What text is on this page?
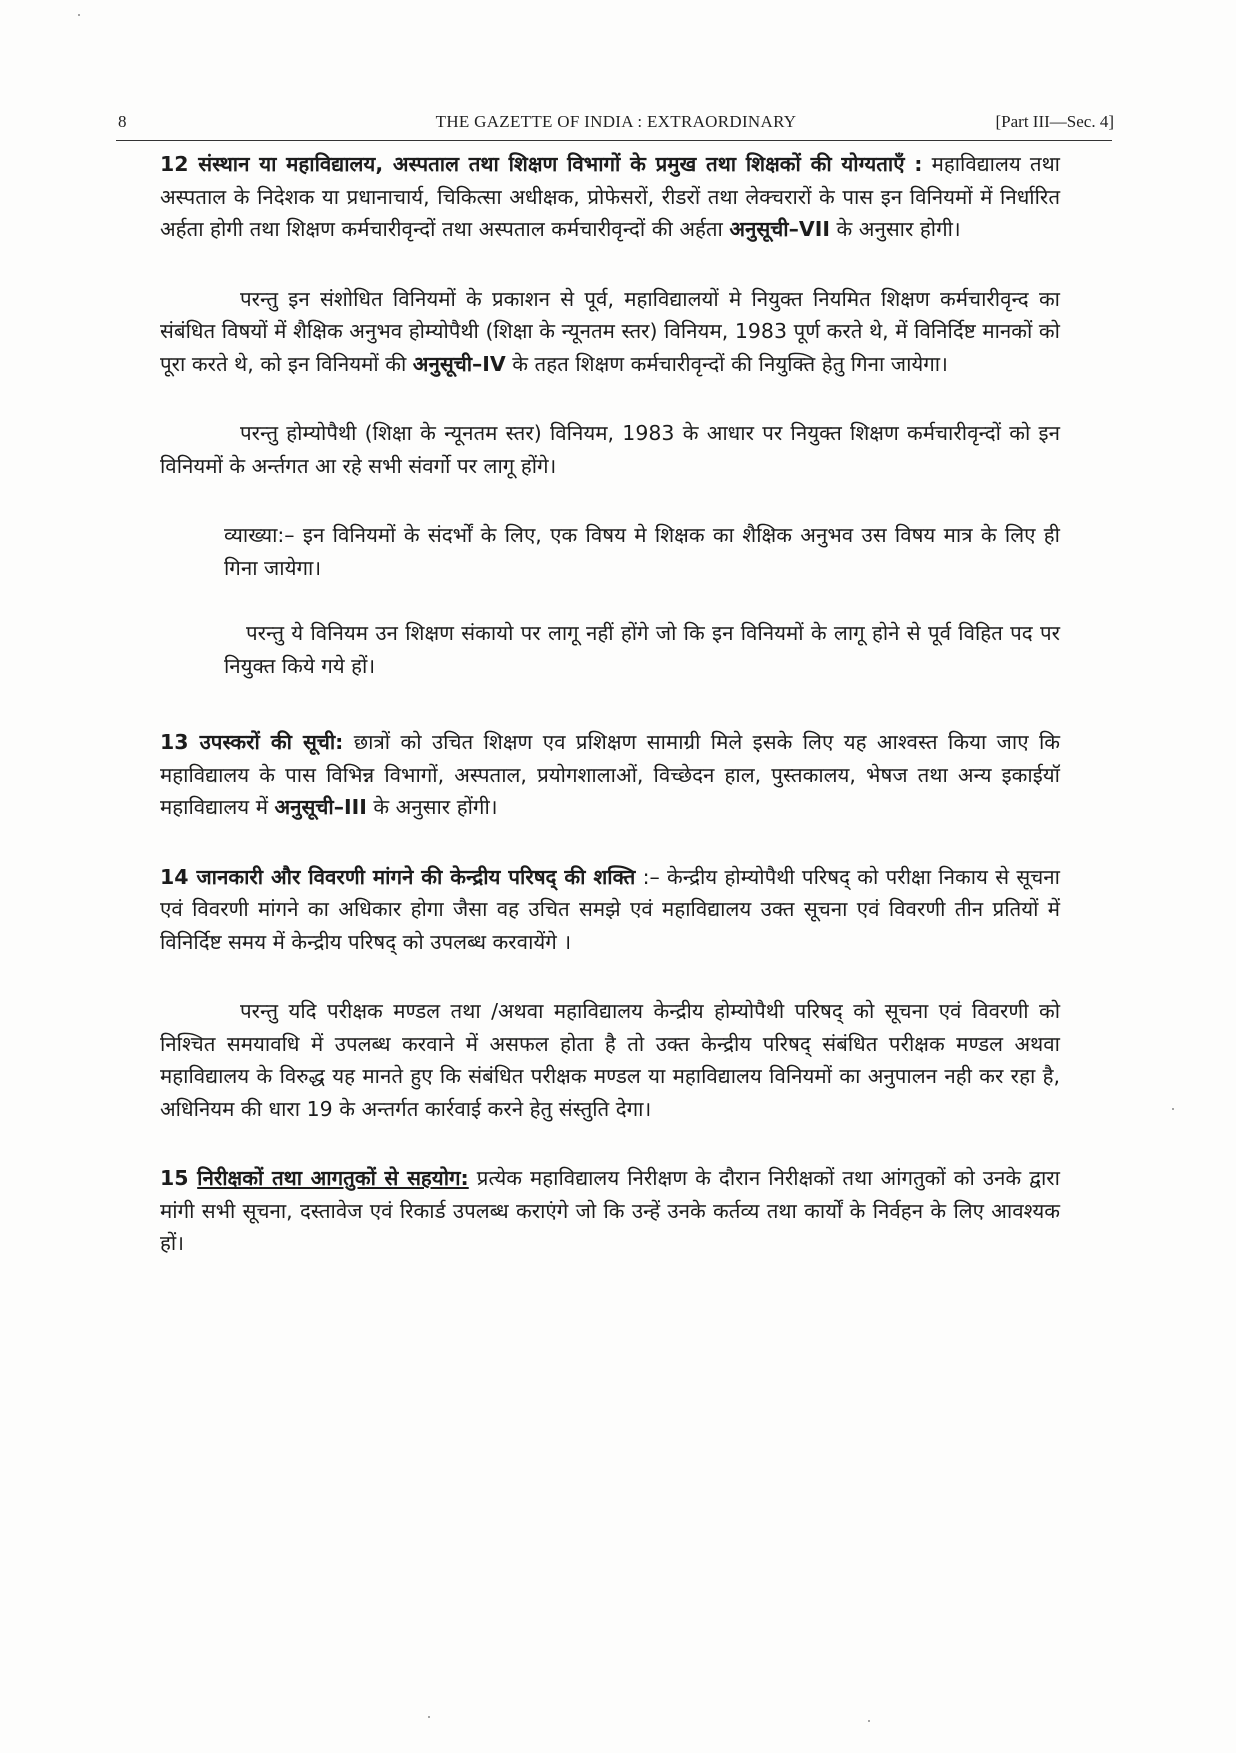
8	THE GAZETTE OF INDIA : EXTRAORDINARY	[Part III—Sec. 4]

12 संस्थान या महाविद्यालय, अस्पताल तथा शिक्षण विभागों के प्रमुख तथा शिक्षकों की योग्यताएँ : महाविद्यालय तथा अस्पताल के निदेशक या प्रधानाचार्य, चिकित्सा अधीक्षक, प्रोफेसरों, रीडरों तथा लेक्चरारों के पास इन विनियमों में निर्धारित अर्हता होगी तथा शिक्षण कर्मचारीवृन्दों तथा अस्पताल कर्मचारीवृन्दों की अर्हता अनुसूची–VII के अनुसार होगी।

परन्तु इन संशोधित विनियमों के प्रकाशन से पूर्व, महाविद्यालयों मे नियुक्त नियमित शिक्षण कर्मचारीवृन्द का संबंधित विषयों में शैक्षिक अनुभव होम्योपैथी (शिक्षा के न्यूनतम स्तर) विनियम, 1983 पूर्ण करते थे, में विनिर्दिष्ट मानकों को पूरा करते थे, को इन विनियमों की अनुसूची–IV के तहत शिक्षण कर्मचारीवृन्दों की नियुक्ति हेतु गिना जायेगा।

परन्तु होम्योपैथी (शिक्षा के न्यूनतम स्तर) विनियम, 1983 के आधार पर नियुक्त शिक्षण कर्मचारीवृन्दों को इन विनियमों के अर्न्तगत आ रहे सभी संवर्गो पर लागू होंगे।

व्याख्या:– इन विनियमों के संदर्भों के लिए, एक विषय मे शिक्षक का शैक्षिक अनुभव उस विषय मात्र के लिए ही गिना जायेगा।

परन्तु ये विनियम उन शिक्षण संकायो पर लागू नहीं होंगे जो कि इन विनियमों के लागू होने से पूर्व विहित पद पर नियुक्त किये गये हों।

13 उपस्करों की सूची: छात्रों को उचित शिक्षण एव प्रशिक्षण सामाग्री मिले इसके लिए यह आश्वस्त किया जाए कि महाविद्यालय के पास विभिन्न विभागों, अस्पताल, प्रयोगशालाओं, विच्छेदन हाल, पुस्तकालय, भेषज तथा अन्य इकाईयॉ महाविद्यालय में अनुसूची–III के अनुसार होंगी।

14 जानकारी और विवरणी मांगने की केन्द्रीय परिषद् की शक्ति :– केन्द्रीय होम्योपैथी परिषद् को परीक्षा निकाय से सूचना एवं विवरणी मांगने का अधिकार होगा जैसा वह उचित समझे एवं महाविद्यालय उक्त सूचना एवं विवरणी तीन प्रतियों में विनिर्दिष्ट समय में केन्द्रीय परिषद् को उपलब्ध करवायेंगे ।

परन्तु यदि परीक्षक मण्डल तथा /अथवा महाविद्यालय केन्द्रीय होम्योपैथी परिषद् को सूचना एवं विवरणी को निश्चित समयावधि में उपलब्ध करवाने में असफल होता है तो उक्त केन्द्रीय परिषद् संबंधित परीक्षक मण्डल अथवा महाविद्यालय के विरुद्ध यह मानते हुए कि संबंधित परीक्षक मण्डल या महाविद्यालय विनियमों का अनुपालन नही कर रहा है, अधिनियम की धारा 19 के अन्तर्गत कार्रवाई करने हेतु संस्तुति देगा।

15 निरीक्षकों तथा आगतुकों से सहयोग: प्रत्येक महाविद्यालय निरीक्षण के दौरान निरीक्षकों तथा आंगतुकों को उनके द्वारा मांगी सभी सूचना, दस्तावेज एवं रिकार्ड उपलब्ध कराएंगे जो कि उन्हें उनके कर्तव्य तथा कार्यों के निर्वहन के लिए आवश्यक हों।
